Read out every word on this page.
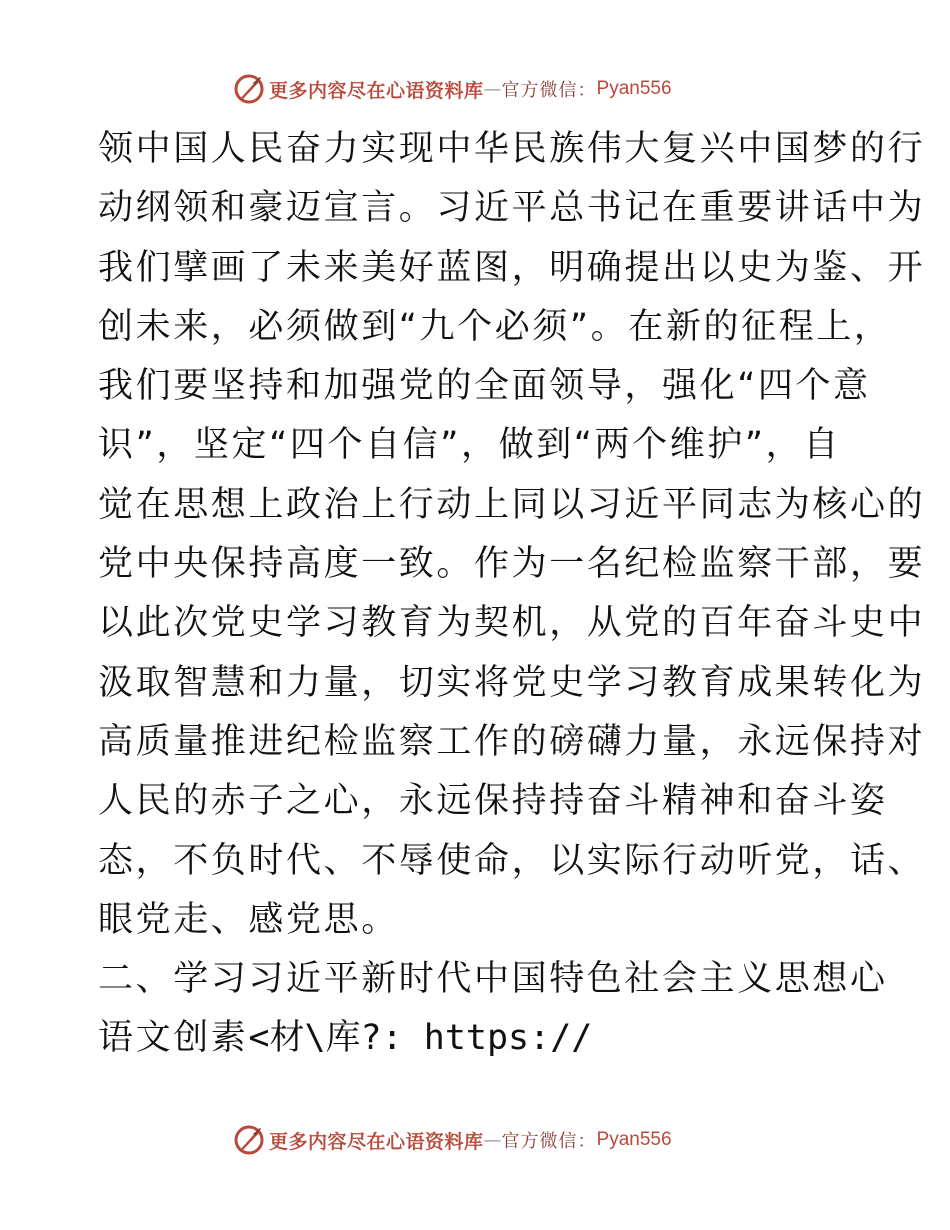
更多内容尽在心语资料库 — 官方微信： Pyan556
领中国人民奋力实现中华民族伟大复兴中国梦的行
动纲领和豪迈宣言。习近平总书记在重要讲话中为
我们擘画了未来美好蓝图，明确提出以史为鉴、开
创未来，必须做到“九个必须”。在新的征程上，
我们要坚持和加强党的全面领导，强化“四个意
识”，坚定“四个自信”，做到“两个维护”，自
觉在思想上政治上行动上同以习近平同志为核心的
党中央保持高度一致。作为一名纪检监察干部，要
以此次党史学习教育为契机，从党的百年奋斗史中
汲取智慧和力量，切实将党史学习教育成果转化为
高质量推进纪检监察工作的磅礴力量，永远保持对
人民的赤子之心，永远保持持奋斗精神和奋斗姿
态，不负时代、不辱使命，以实际行动听党，话、
眼党走、感党思。
二、学习习近平新时代中国特色社会主义思想心
语文创素<材\库?: https://
更多内容尽在心语资料库 — 官方微信： Pyan556
